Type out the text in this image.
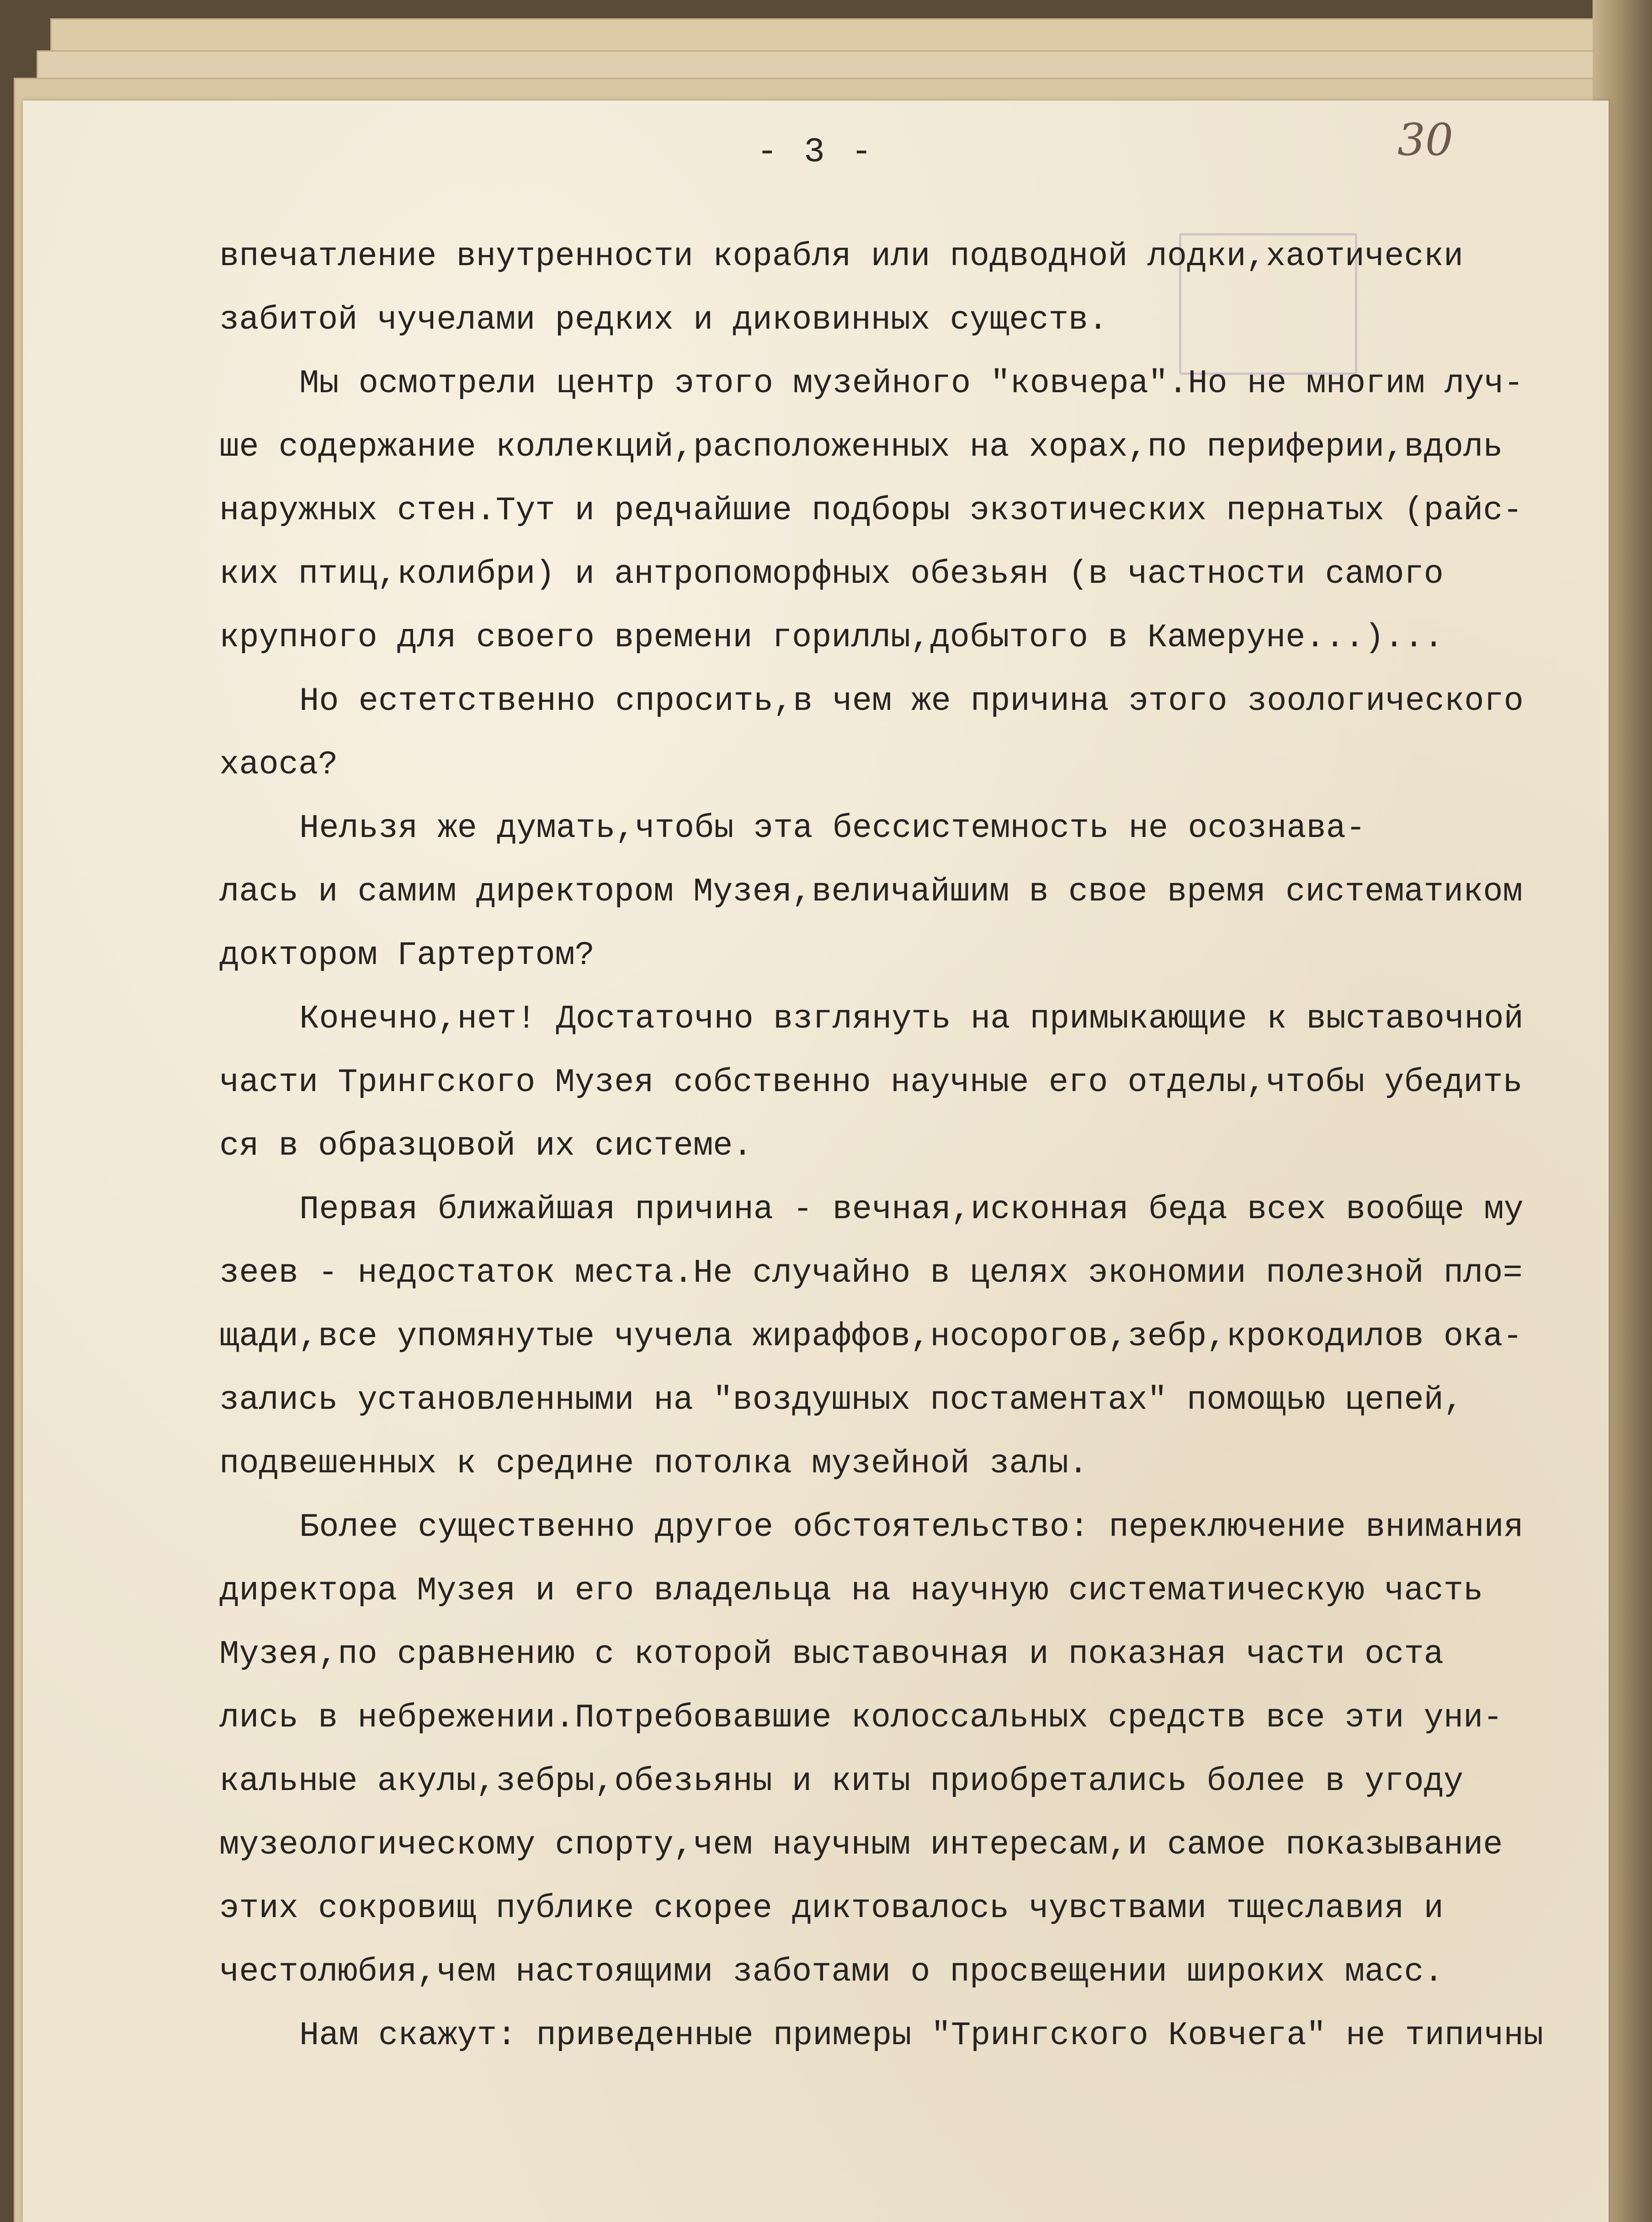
- 3 -	30
впечатление внутренности корабля или подводной лодки,хаотически
забитой чучелами редких и диковинных существ.
Мы осмотрели центр этого музейного "ковчера".Но не многим луч-
ше содержание коллекций,расположенных на хорах,по периферии,вдоль
наружных стен.Тут и редчайшие подборы экзотических пернатых (райс-
ких птиц,колибри) и антропоморфных обезьян (в частности самого
крупного для своего времени гориллы,добытого в Камеруне...)...
Но естетственно спросить,в чем же причина этого зоологического
хаоса?
Нельзя же думать,чтобы эта бессистемность не осознава-
лась и самим директором Музея,величайшим в свое время систематиком
доктором Гартертом?
Конечно,нет! Достаточно взглянуть на примыкающие к выставочной
части Трингского Музея собственно научные его отделы,чтобы убедить
ся в образцовой их системе.
Первая ближайшая причина - вечная,исконная беда всех вообще му
зеев - недостаток места.Не случайно в целях экономии полезной пло=
щади,все упомянутые чучела жираффов,носорогов,зебр,крокодилов ока-
зались установленными на "воздушных постаментах" помощью цепей,
подвешенных к средине потолка музейной залы.
Более существенно другое обстоятельство: переключение внимания
директора Музея и его владельца на научную систематическую часть
Музея,по сравнению с которой выставочная и показная части оста
лись в небрежении.Потребовавшие колоссальных средств все эти уни-
кальные акулы,зебры,обезьяны и киты приобретались более в угоду
музеологическому спорту,чем научным интересам,и самое показывание
этих сокровищ публике скорее диктовалось чувствами тщеславия и
честолюбия,чем настоящими заботами о просвещении широких масс.
Нам скажут: приведенные примеры "Трингского Ковчега" не типичны
